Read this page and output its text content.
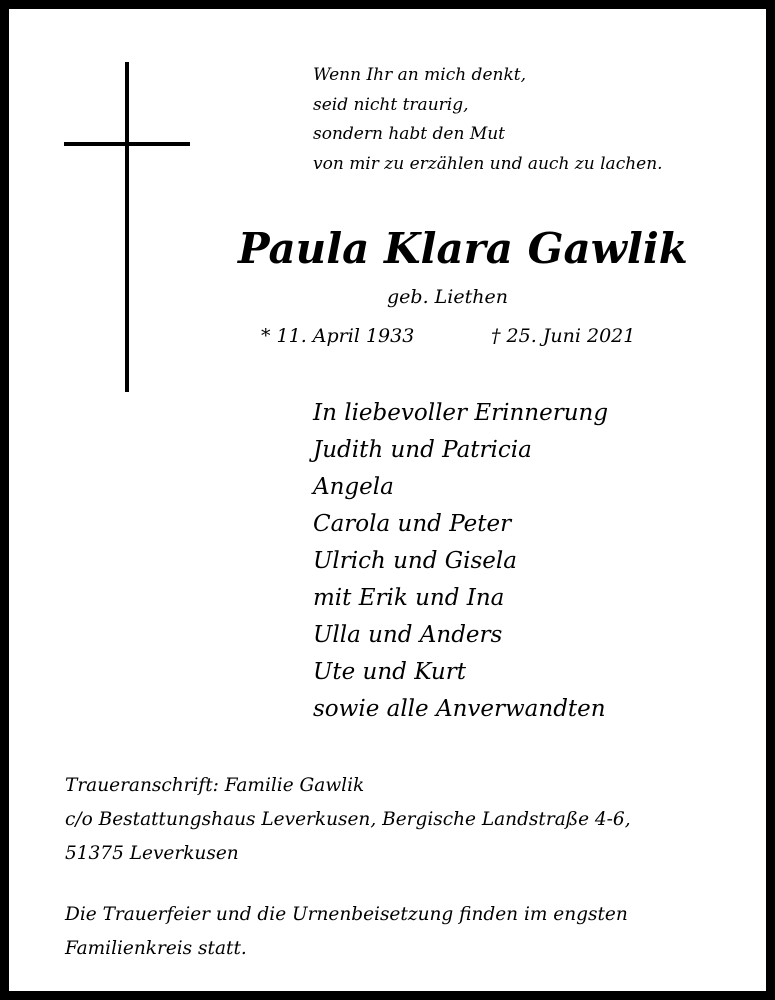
Wenn Ihr an mich denkt,
seid nicht traurig,
sondern habt den Mut
von mir zu erzählen und auch zu lachen.
Paula Klara Gawlik
geb. Liethen
* 11. April 1933	† 25. Juni 2021
In liebevoller Erinnerung
Judith und Patricia
Angela
Carola und Peter
Ulrich und Gisela
mit Erik und Ina
Ulla und Anders
Ute und Kurt
sowie alle Anverwandten
Traueranschrift: Familie Gawlik
c/o Bestattungshaus Leverkusen, Bergische Landstraße 4-6,
51375 Leverkusen
Die Trauerfeier und die Urnenbeisetzung finden im engsten
Familienkreis statt.
